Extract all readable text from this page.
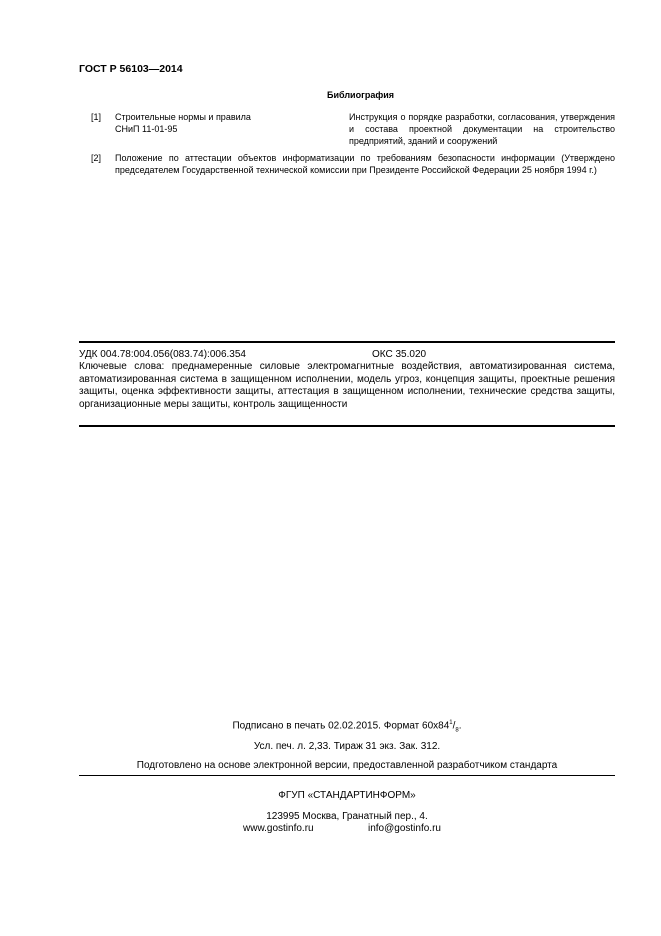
ГОСТ Р 56103—2014
Библиография
[1] Строительные нормы и правила СНиП 11-01-95
Инструкция о порядке разработки, согласования, утверждения и состава проектной документации на строительство предприятий, зданий и сооружений
[2] Положение по аттестации объектов информатизации по требованиям безопасности информации (Утверждено председателем Государственной технической комиссии при Президенте Российской Федерации 25 ноября 1994 г.)
УДК 004.78:004.056(083.74):006.354	ОКС 35.020
Ключевые слова: преднамеренные силовые электромагнитные воздействия, автоматизированная система, автоматизированная система в защищенном исполнении, модель угроз, концепция защиты, проектные решения защиты, оценка эффективности защиты, аттестация в защищенном исполнении, технические средства защиты, организационные меры защиты, контроль защищенности
Подписано в печать 02.02.2015. Формат $60х84^1/_8$.
Усл. печ. л. 2,33. Тираж 31 экз. Зак. 312.
Подготовлено на основе электронной версии, предоставленной разработчиком стандарта
ФГУП «СТАНДАРТИНФОРМ»
123995 Москва, Гранатный пер., 4.
www.gostinfo.ru	info@gostinfo.ru
